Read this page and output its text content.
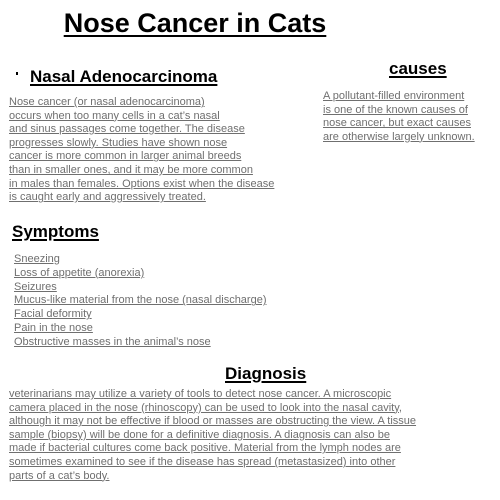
Nose Cancer in Cats
Nasal Adenocarcinoma
Nose cancer (or nasal adenocarcinoma)
occurs when too many cells in a cat’s nasal
and sinus passages come together. The disease
progresses slowly. Studies have shown nose
cancer is more common in larger animal breeds
than in smaller ones, and it may be more common
in males than females. Options exist when the disease
is caught early and aggressively treated.
causes
A pollutant-filled environment
is one of the known causes of
nose cancer, but exact causes
are otherwise largely unknown.
Symptoms
Sneezing
Loss of appetite (anorexia)
Seizures
Mucus-like material from the nose (nasal discharge)
Facial deformity
Pain in the nose
Obstructive masses in the animal’s nose
Diagnosis
veterinarians may utilize a variety of tools to detect nose cancer. A microscopic
camera placed in the nose (rhinoscopy) can be used to look into the nasal cavity,
although it may not be effective if blood or masses are obstructing the view. A tissue
sample (biopsy) will be done for a definitive diagnosis. A diagnosis can also be
made if bacterial cultures come back positive. Material from the lymph nodes are
sometimes examined to see if the disease has spread (metastasized) into other
parts of a cat’s body.
